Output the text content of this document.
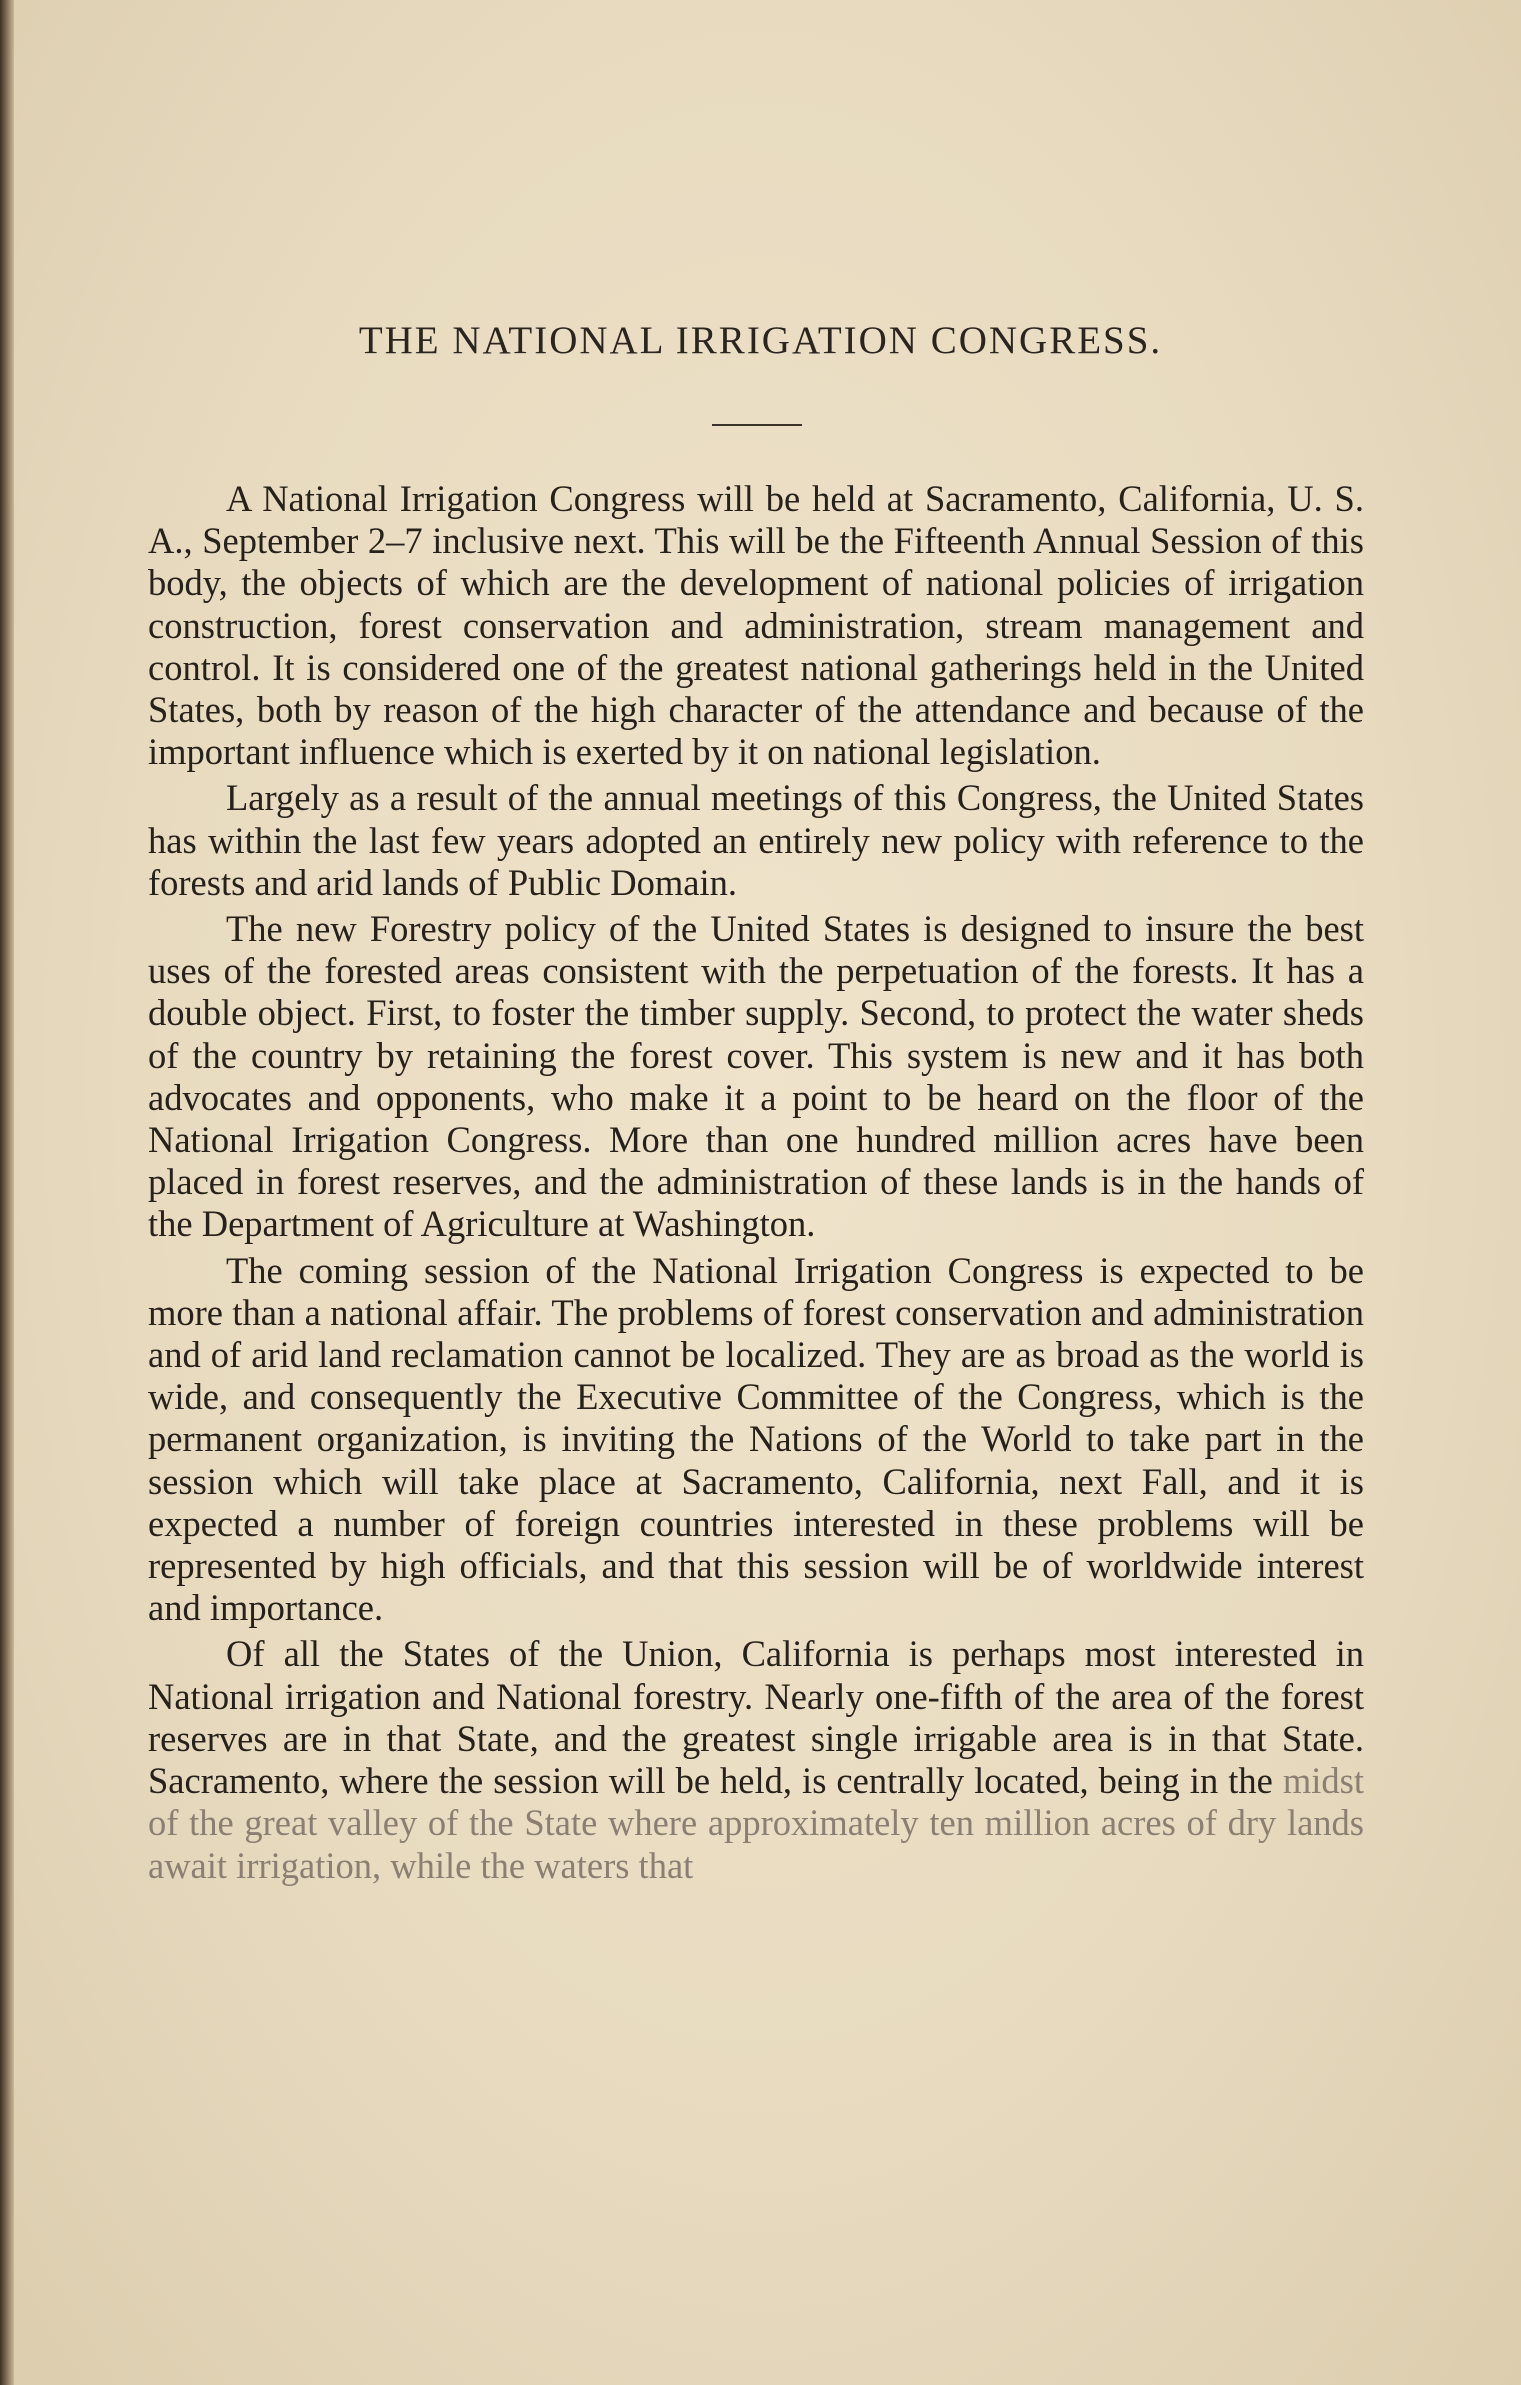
THE NATIONAL IRRIGATION CONGRESS.

A National Irrigation Congress will be held at Sacramento, California, U. S. A., September 2–7 inclusive next. This will be the Fifteenth Annual Session of this body, the objects of which are the development of national policies of irrigation construction, forest conservation and administration, stream management and control. It is considered one of the greatest national gatherings held in the United States, both by reason of the high character of the attendance and because of the important influence which is exerted by it on national legislation.

Largely as a result of the annual meetings of this Congress, the United States has within the last few years adopted an entirely new policy with reference to the forests and arid lands of Public Domain.

The new Forestry policy of the United States is designed to insure the best uses of the forested areas consistent with the perpetuation of the forests. It has a double object. First, to foster the timber supply. Second, to protect the water sheds of the country by retaining the forest cover. This system is new and it has both advocates and opponents, who make it a point to be heard on the floor of the National Irrigation Congress. More than one hundred million acres have been placed in forest reserves, and the administration of these lands is in the hands of the Department of Agriculture at Washington.

The coming session of the National Irrigation Congress is expected to be more than a national affair. The problems of forest conservation and administration and of arid land reclamation cannot be localized. They are as broad as the world is wide, and consequently the Executive Committee of the Congress, which is the permanent organization, is inviting the Nations of the World to take part in the session which will take place at Sacramento, California, next Fall, and it is expected a number of foreign countries interested in these problems will be represented by high officials, and that this session will be of worldwide interest and importance.

Of all the States of the Union, California is perhaps most interested in National irrigation and National forestry. Nearly one-fifth of the area of the forest reserves are in that State, and the greatest single irrigable area is in that State. Sacramento, where the session will be held, is centrally located, being in the midst of the great valley of the State where approximately ten million acres of dry lands await irrigation, while the waters that
